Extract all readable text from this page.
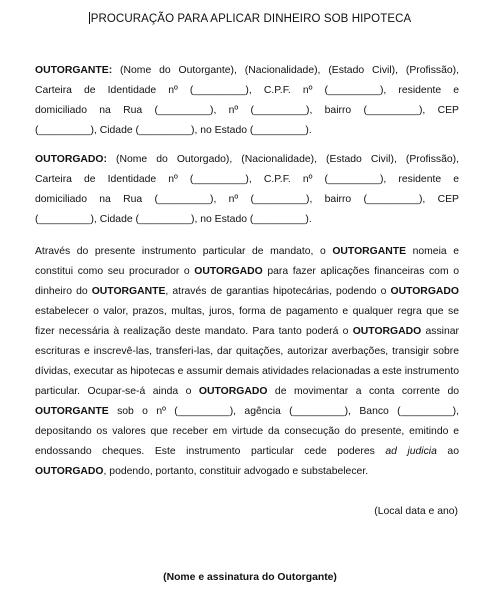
PROCURAÇÃO PARA APLICAR DINHEIRO SOB HIPOTECA
OUTORGANTE: (Nome do Outorgante), (Nacionalidade), (Estado Civil), (Profissão),
Carteira de Identidade nº (_________), C.P.F. nº (_________), residente e
domiciliado na Rua (_________), nº (_________), bairro (_________), CEP
(_________), Cidade (_________), no Estado (_________).
OUTORGADO: (Nome do Outorgado), (Nacionalidade), (Estado Civil), (Profissão),
Carteira de Identidade nº (_________), C.P.F. nº (_________), residente e
domiciliado na Rua (_________), nº (_________), bairro (_________), CEP
(_________), Cidade (_________), no Estado (_________).
Através do presente instrumento particular de mandato, o OUTORGANTE nomeia e constitui como seu procurador o OUTORGADO para fazer aplicações financeiras com o dinheiro do OUTORGANTE, através de garantias hipotecárias, podendo o OUTORGADO estabelecer o valor, prazos, multas, juros, forma de pagamento e qualquer regra que se fizer necessária à realização deste mandato. Para tanto poderá o OUTORGADO assinar escrituras e inscrevê-las, transferi-las, dar quitações, autorizar averbações, transigir sobre dívidas, executar as hipotecas e assumir demais atividades relacionadas a este instrumento particular. Ocupar-se-á ainda o OUTORGADO de movimentar a conta corrente do OUTORGANTE sob o nº (_________), agência (_________), Banco (_________), depositando os valores que receber em virtude da consecução do presente, emitindo e endossando cheques. Este instrumento particular cede poderes ad judicia ao OUTORGADO, podendo, portanto, constituir advogado e substabelecer.
(Local data e ano)
(Nome e assinatura do Outorgante)
